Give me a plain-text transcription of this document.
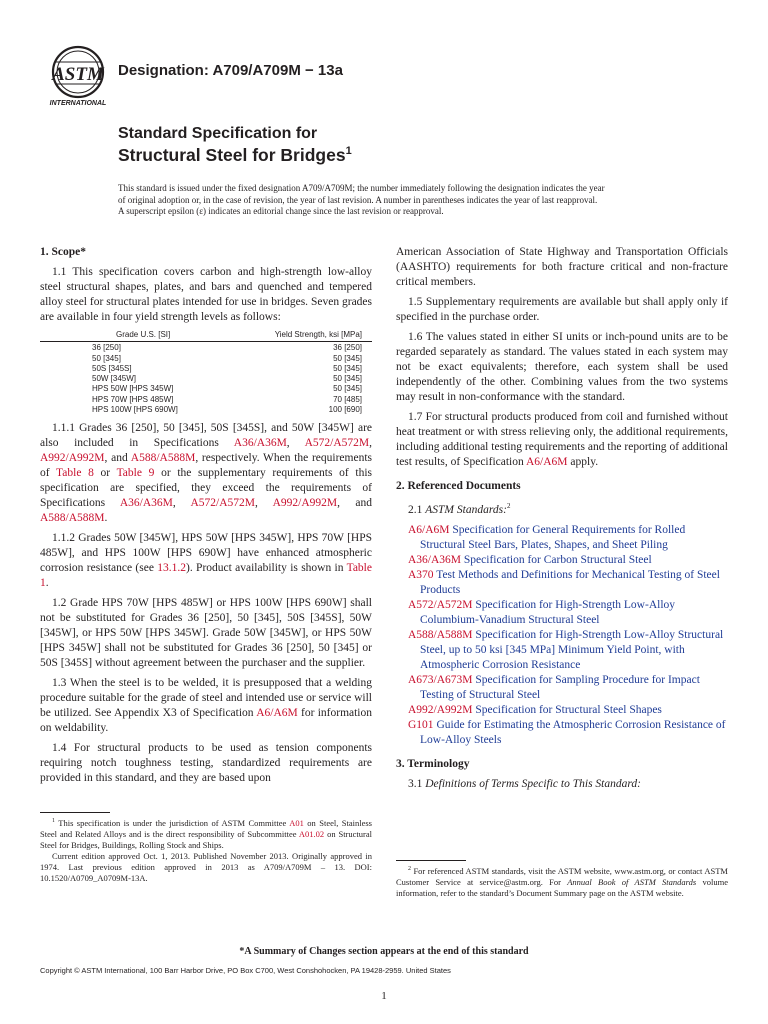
ASTM
INTERNATIONAL
Designation: A709/A709M − 13a
Standard Specification for
Structural Steel for Bridges$^1$
This standard is issued under the fixed designation A709/A709M; the number immediately following the designation indicates the year
of original adoption or, in the case of revision, the year of last revision. A number in parentheses indicates the year of last reapproval.
A superscript epsilon (ε) indicates an editorial change since the last revision or reapproval.
1. Scope*

1.1 This specification covers carbon and high-strength low-alloy steel structural shapes, plates, and bars and quenched and tempered alloy steel for structural plates intended for use in bridges. Seven grades are available in four yield strength levels as follows:

Grade U.S. [SI]	Yield Strength, ksi [MPa]
36 [250]	36 [250]
50 [345]	50 [345]
50S [345S]	50 [345]
50W [345W]	50 [345]
HPS 50W [HPS 345W]	50 [345]
HPS 70W [HPS 485W]	70 [485]
HPS 100W [HPS 690W]	100 [690]

1.1.1 Grades 36 [250], 50 [345], 50S [345S], and 50W [345W] are also included in Specifications A36/A36M, A572/A572M, A992/A992M, and A588/A588M, respectively. When the requirements of Table 8 or Table 9 or the supplementary requirements of this specification are specified, they exceed the requirements of Specifications A36/A36M, A572/A572M, A992/A992M, and A588/A588M.

1.1.2 Grades 50W [345W], HPS 50W [HPS 345W], HPS 70W [HPS 485W], and HPS 100W [HPS 690W] have enhanced atmospheric corrosion resistance (see 13.1.2). Product availability is shown in Table 1.

1.2 Grade HPS 70W [HPS 485W] or HPS 100W [HPS 690W] shall not be substituted for Grades 36 [250], 50 [345], 50S [345S], 50W [345W], or HPS 50W [HPS 345W]. Grade 50W [345W], or HPS 50W [HPS 345W] shall not be substituted for Grades 36 [250], 50 [345] or 50S [345S] without agreement between the purchaser and the supplier.

1.3 When the steel is to be welded, it is presupposed that a welding procedure suitable for the grade of steel and intended use or service will be utilized. See Appendix X3 of Specification A6/A6M for information on weldability.

1.4 For structural products to be used as tension components requiring notch toughness testing, standardized requirements are provided in this standard, and they are based upon

American Association of State Highway and Transportation Officials (AASHTO) requirements for both fracture critical and non-fracture critical members.

1.5 Supplementary requirements are available but shall apply only if specified in the purchase order.

1.6 The values stated in either SI units or inch-pound units are to be regarded separately as standard. The values stated in each system may not be exact equivalents; therefore, each system shall be used independently of the other. Combining values from the two systems may result in non-conformance with the standard.

1.7 For structural products produced from coil and furnished without heat treatment or with stress relieving only, the additional requirements, including additional testing requirements and the reporting of additional test results, of Specification A6/A6M apply.

2. Referenced Documents

2.1 ASTM Standards:$^2$

A6/A6M Specification for General Requirements for Rolled Structural Steel Bars, Plates, Shapes, and Sheet Piling
A36/A36M Specification for Carbon Structural Steel
A370 Test Methods and Definitions for Mechanical Testing of Steel Products
A572/A572M Specification for High-Strength Low-Alloy Columbium-Vanadium Structural Steel
A588/A588M Specification for High-Strength Low-Alloy Structural Steel, up to 50 ksi [345 MPa] Minimum Yield Point, with Atmospheric Corrosion Resistance
A673/A673M Specification for Sampling Procedure for Impact Testing of Structural Steel
A992/A992M Specification for Structural Steel Shapes
G101 Guide for Estimating the Atmospheric Corrosion Resistance of Low-Alloy Steels
3. Terminology

3.1 Definitions of Terms Specific to This Standard:

$^1$ This specification is under the jurisdiction of ASTM Committee A01 on Steel, Stainless Steel and Related Alloys and is the direct responsibility of Subcommittee A01.02 on Structural Steel for Bridges, Buildings, Rolling Stock and Ships.

Current edition approved Oct. 1, 2013. Published November 2013. Originally approved in 1974. Last previous edition approved in 2013 as A709/A709M – 13. DOI: 10.1520/A0709_A0709M-13A.

$^2$ For referenced ASTM standards, visit the ASTM website, www.astm.org, or contact ASTM Customer Service at service@astm.org. For Annual Book of ASTM Standards volume information, refer to the standard’s Document Summary page on the ASTM website.

*A Summary of Changes section appears at the end of this standard
Copyright © ASTM International, 100 Barr Harbor Drive, PO Box C700, West Conshohocken, PA 19428-2959. United States
1
